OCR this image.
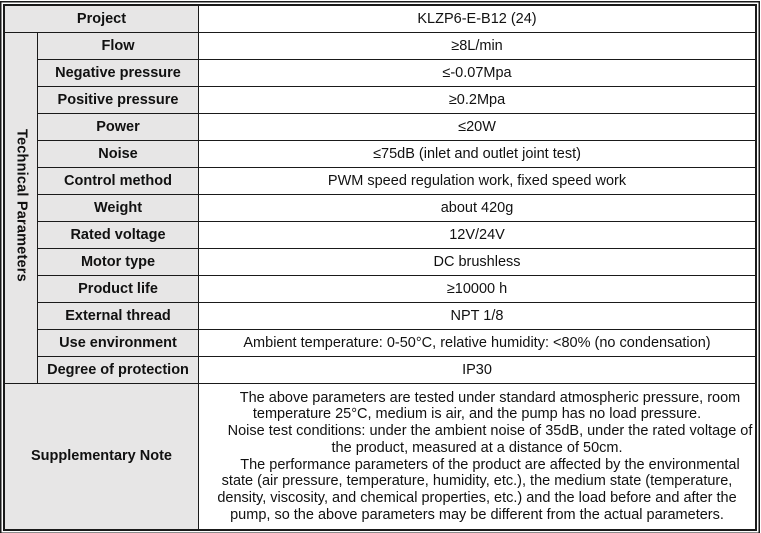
Project		KLZP6-E-B12 (24)
Technical Parameters	Flow	≥8L/min
	Negative pressure	≤-0.07Mpa
	Positive pressure	≥0.2Mpa
	Power	≤20W
	Noise	≤75dB (inlet and outlet joint test)
	Control method	PWM speed regulation work, fixed speed work
	Weight	about 420g
	Rated voltage	12V/24V
	Motor type	DC brushless
	Product life	≥10000 h
	External thread	NPT 1/8
	Use environment	Ambient temperature: 0-50°C, relative humidity: <80% (no condensation)
	Degree of protection	IP30
Supplementary Note		The above parameters are tested under standard atmospheric pressure, room temperature 25°C, medium is air, and the pump has no load pressure.

Noise test conditions: under the ambient noise of 35dB, under the rated voltage of the product, measured at a distance of 50cm.

The performance parameters of the product are affected by the environmental state (air pressure, temperature, humidity, etc.), the medium state (temperature, density, viscosity, and chemical properties, etc.) and the load before and after the pump, so the above parameters may be different from the actual parameters.
